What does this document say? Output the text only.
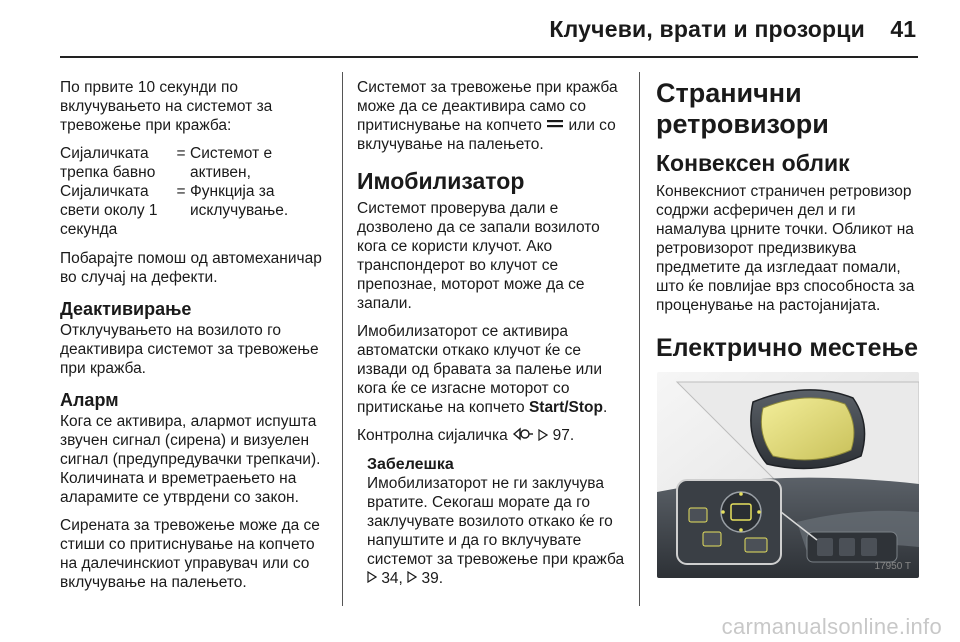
Клучеви, врати и прозорци 41

По првите 10 секунди по вклучувањето на системот за тревожење при кражба:

Сијаличката трепка бавно	=	Системот е активен,
Сијаличката свети околу 1 секунда	=	Функција за исклучување.

Побарајте помош од автомеханичар во случај на дефекти.

Деактивирање

Отклучувањето на возилото го деактивира системот за тревожење при кражба.

Аларм

Кога се активира, алармот испушта звучен сигнал (сирена) и визуелен сигнал (предупредувачки трепкачи). Количината и времетраењето на аларамите се утврдени со закон.

Сирената за тревожење може да се стиши со притиснување на копчето на далечинскиот управувач или со вклучување на палењето.

Системот за тревожење при кражба може да се деактивира само со притиснување на копчето или со вклучување на палењето.

Имобилизатор

Системот проверува дали е дозволено да се запали возилото кога се користи клучот. Ако транспондерот во клучот се препознае, моторот може да се запали.

Имобилизаторот се активира автоматски откако клучот ќе се извади од бравата за палење или кога ќе се изгасне моторот со притискање на копчето Start/Stop.

Контролна сијаличка	97.

Забелешка

Имобилизаторот не ги заклучува вратите. Секогаш морате да го заклучувате возилото откако ќе го напуштите и да го вклучувате системот за тревожење при кражба  34, 39.

Странични ретровизори
Конвексен облик

Конвексниот страничен ретровизор содржи асферичен дел и ги намалува црните точки. Обликот на ретровизорот предизвикува предметите да изгледаат помали, што ќе повлијае врз способноста за проценување на растојанијата.

Електрично местење
17950 T
carmanualsonline.info
